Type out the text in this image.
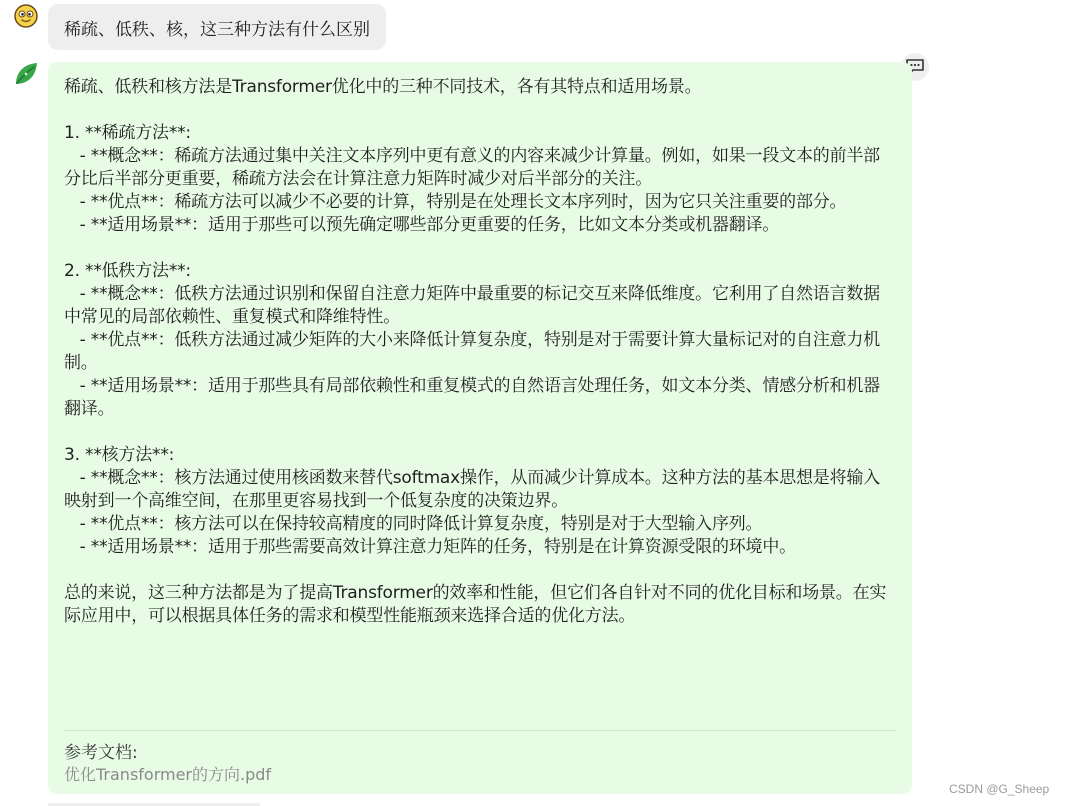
稀疏、低秩、核，这三种方法有什么区别

稀疏、低秩和核方法是Transformer优化中的三种不同技术，各有其特点和适用场景。

1. **稀疏方法**:
- **概念**：稀疏方法通过集中关注文本序列中更有意义的内容来减少计算量。例如，如果一段文本的前半部分比后半部分更重要，稀疏方法会在计算注意力矩阵时减少对后半部分的关注。
- **优点**：稀疏方法可以减少不必要的计算，特别是在处理长文本序列时，因为它只关注重要的部分。
- **适用场景**：适用于那些可以预先确定哪些部分更重要的任务，比如文本分类或机器翻译。

2. **低秩方法**:
- **概念**：低秩方法通过识别和保留自注意力矩阵中最重要的标记交互来降低维度。它利用了自然语言数据中常见的局部依赖性、重复模式和降维特性。
- **优点**：低秩方法通过减少矩阵的大小来降低计算复杂度，特别是对于需要计算大量标记对的自注意力机制。
- **适用场景**：适用于那些具有局部依赖性和重复模式的自然语言处理任务，如文本分类、情感分析和机器翻译。

3. **核方法**:
- **概念**：核方法通过使用核函数来替代softmax操作，从而减少计算成本。这种方法的基本思想是将输入映射到一个高维空间，在那里更容易找到一个低复杂度的决策边界。
- **优点**：核方法可以在保持较高精度的同时降低计算复杂度，特别是对于大型输入序列。
- **适用场景**：适用于那些需要高效计算注意力矩阵的任务，特别是在计算资源受限的环境中。

总的来说，这三种方法都是为了提高Transformer的效率和性能，但它们各自针对不同的优化目标和场景。在实际应用中，可以根据具体任务的需求和模型性能瓶颈来选择合适的优化方法。

参考文档:
优化Transformer的方向.pdf
CSDN @G_Sheep
